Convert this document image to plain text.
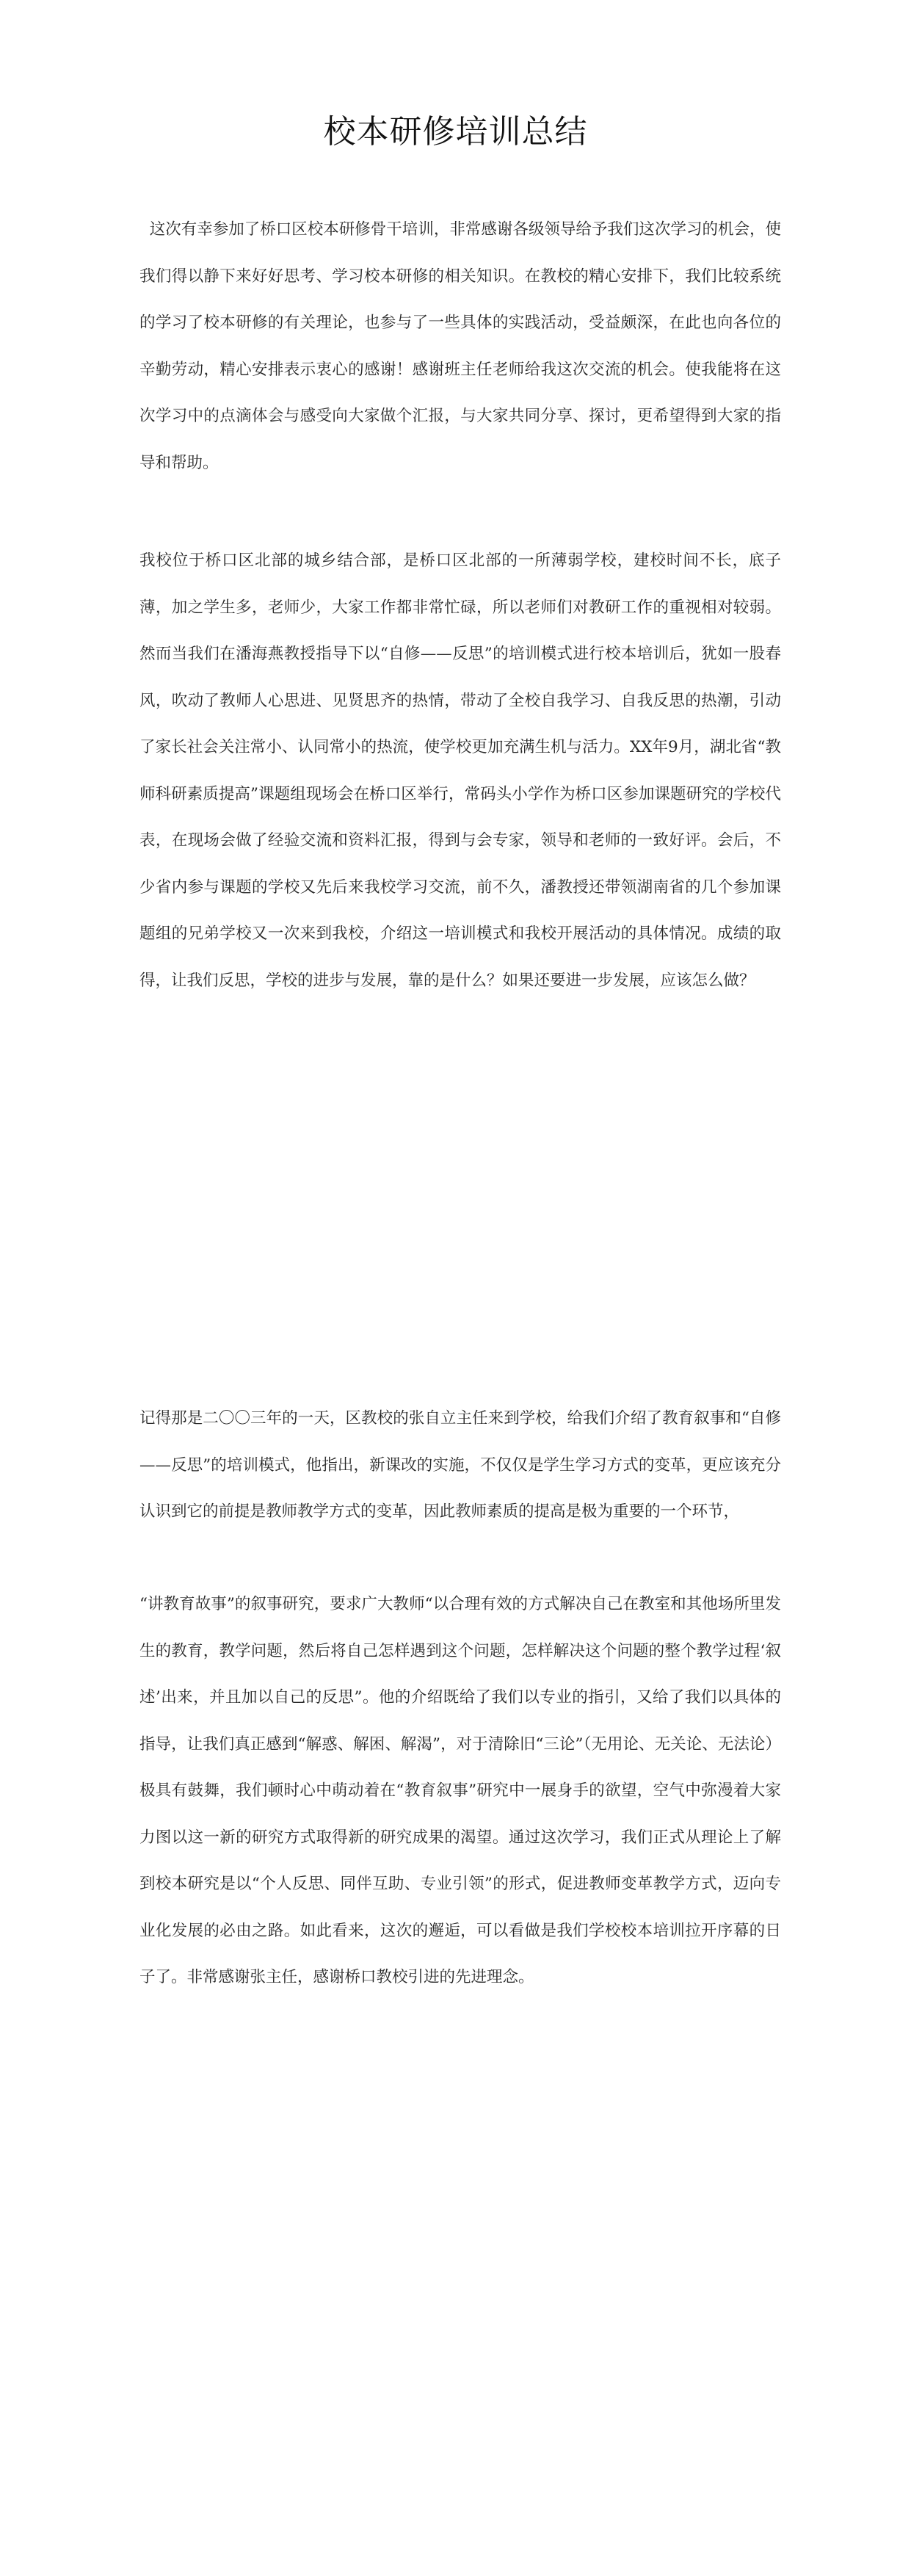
校本研修培训总结

这次有幸参加了桥口区校本研修骨干培训，非常感谢各级领导给予我们这次学习的机会，使我们得以静下来好好思考、学习校本研修的相关知识。在教校的精心安排下，我们比较系统的学习了校本研修的有关理论，也参与了一些具体的实践活动，受益颇深，在此也向各位的辛勤劳动，精心安排表示衷心的感谢！感谢班主任老师给我这次交流的机会。使我能将在这次学习中的点滴体会与感受向大家做个汇报，与大家共同分享、探讨，更希望得到大家的指导和帮助。

我校位于桥口区北部的城乡结合部，是桥口区北部的一所薄弱学校，建校时间不长，底子薄，加之学生多，老师少，大家工作都非常忙碌，所以老师们对教研工作的重视相对较弱。然而当我们在潘海燕教授指导下以“自修——反思”的培训模式进行校本培训后，犹如一股春风，吹动了教师人心思进、见贤思齐的热情，带动了全校自我学习、自我反思的热潮，引动了家长社会关注常小、认同常小的热流，使学校更加充满生机与活力。XX年9月，湖北省“教师科研素质提高”课题组现场会在桥口区举行，常码头小学作为桥口区参加课题研究的学校代表，在现场会做了经验交流和资料汇报，得到与会专家，领导和老师的一致好评。会后，不少省内参与课题的学校又先后来我校学习交流，前不久，潘教授还带领湖南省的几个参加课题组的兄弟学校又一次来到我校，介绍这一培训模式和我校开展活动的具体情况。成绩的取得，让我们反思，学校的进步与发展，靠的是什么？如果还要进一步发展，应该怎么做？

记得那是二〇〇三年的一天，区教校的张自立主任来到学校，给我们介绍了教育叙事和“自修——反思”的培训模式，他指出，新课改的实施，不仅仅是学生学习方式的变革，更应该充分认识到它的前提是教师教学方式的变革，因此教师素质的提高是极为重要的一个环节，

“讲教育故事”的叙事研究，要求广大教师“以合理有效的方式解决自己在教室和其他场所里发生的教育，教学问题，然后将自己怎样遇到这个问题，怎样解决这个问题的整个教学过程‘叙述’出来，并且加以自己的反思”。他的介绍既给了我们以专业的指引，又给了我们以具体的指导，让我们真正感到“解惑、解困、解渴”，对于清除旧“三论”（无用论、无关论、无法论）极具有鼓舞，我们顿时心中萌动着在“教育叙事”研究中一展身手的欲望，空气中弥漫着大家力图以这一新的研究方式取得新的研究成果的渴望。通过这次学习，我们正式从理论上了解到校本研究是以“个人反思、同伴互助、专业引领”的形式，促进教师变革教学方式，迈向专业化发展的必由之路。如此看来，这次的邂逅，可以看做是我们学校校本培训拉开序幕的日子了。非常感谢张主任，感谢桥口教校引进的先进理念。
